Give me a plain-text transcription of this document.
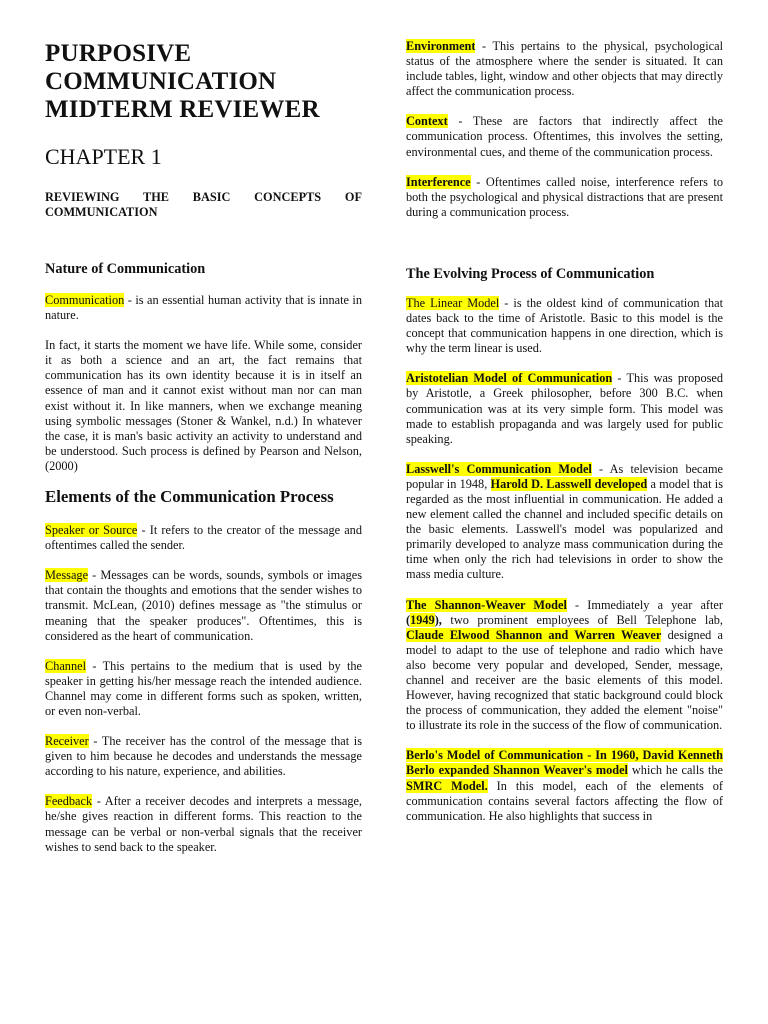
PURPOSIVE
COMMUNICATION
MIDTERM REVIEWER
CHAPTER 1
REVIEWING THE BASIC CONCEPTS OF COMMUNICATION
Nature of Communication

Communication - is an essential human activity that is innate in nature.

In fact, it starts the moment we have life. While some, consider it as both a science and an art, the fact remains that communication has its own identity because it is in itself an essence of man and it cannot exist without man nor can man exist without it. In like manners, when we exchange meaning using symbolic messages (Stoner & Wankel, n.d.) In whatever the case, it is man's basic activity an activity to understand and be understood. Such process is defined by Pearson and Nelson, (2000)

Elements of the Communication Process

Speaker or Source - It refers to the creator of the message and oftentimes called the sender.

Message - Messages can be words, sounds, symbols or images that contain the thoughts and emotions that the sender wishes to transmit. McLean, (2010) defines message as "the stimulus or meaning that the speaker produces". Oftentimes, this is considered as the heart of communication.

Channel - This pertains to the medium that is used by the speaker in getting his/her message reach the intended audience. Channel may come in different forms such as spoken, written, or even non-verbal.

Receiver - The receiver has the control of the message that is given to him because he decodes and understands the message according to his nature, experience, and abilities.

Feedback - After a receiver decodes and interprets a message, he/she gives reaction in different forms. This reaction to the message can be verbal or non-verbal signals that the receiver wishes to send back to the speaker.

Environment - This pertains to the physical, psychological status of the atmosphere where the sender is situated. It can include tables, light, window and other objects that may directly affect the communication process.

Context - These are factors that indirectly affect the communication process. Oftentimes, this involves the setting, environmental cues, and theme of the communication process.

Interference - Oftentimes called noise, interference refers to both the psychological and physical distractions that are present during a communication process.

The Evolving Process of Communication

The Linear Model - is the oldest kind of communication that dates back to the time of Aristotle. Basic to this model is the concept that communication happens in one direction, which is why the term linear is used.

Aristotelian Model of Communication - This was proposed by Aristotle, a Greek philosopher, before 300 B.C. when communication was at its very simple form. This model was made to establish propaganda and was largely used for public speaking.

Lasswell's Communication Model - As television became popular in 1948, Harold D. Lasswell developed a model that is regarded as the most influential in communication. He added a new element called the channel and included specific details on the basic elements. Lasswell's model was popularized and primarily developed to analyze mass communication during the time when only the rich had televisions in order to show the mass media culture.

The Shannon-Weaver Model - Immediately a year after (1949), two prominent employees of Bell Telephone lab, Claude Elwood Shannon and Warren Weaver designed a model to adapt to the use of telephone and radio which have also become very popular and developed, Sender, message, channel and receiver are the basic elements of this model. However, having recognized that static background could block the process of communication, they added the element "noise" to illustrate its role in the success of the flow of communication.

Berlo's Model of Communication - In 1960, David Kenneth Berlo expanded Shannon Weaver's model which he calls the SMRC Model. In this model, each of the elements of communication contains several factors affecting the flow of communication. He also highlights that success in
